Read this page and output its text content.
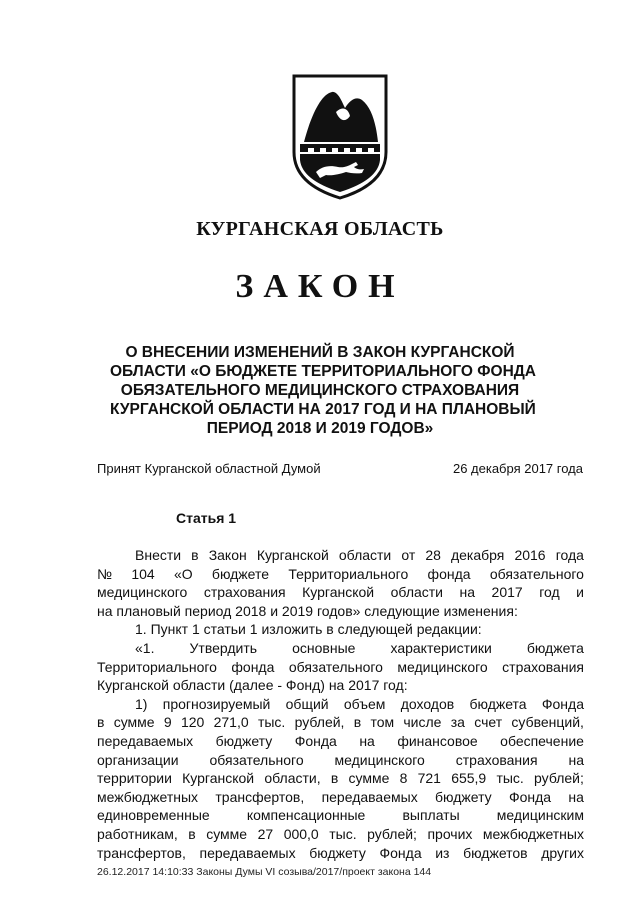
КУРГАНСКАЯ ОБЛАСТЬ
ЗАКОН
О ВНЕСЕНИИ ИЗМЕНЕНИЙ В ЗАКОН КУРГАНСКОЙ
ОБЛАСТИ «О БЮДЖЕТЕ ТЕРРИТОРИАЛЬНОГО ФОНДА
ОБЯЗАТЕЛЬНОГО МЕДИЦИНСКОГО СТРАХОВАНИЯ
КУРГАНСКОЙ ОБЛАСТИ НА 2017 ГОД И НА ПЛАНОВЫЙ
ПЕРИОД 2018 И 2019 ГОДОВ»
Принят Курганской областной Думой	26 декабря 2017 года
Статья 1
Внести в Закон Курганской области от 28 декабря 2016 года
№ 104 «О бюджете Территориального фонда обязательного
медицинского страхования Курганской области на 2017 год и
на плановый период 2018 и 2019 годов» следующие изменения:
1. Пункт 1 статьи 1 изложить в следующей редакции:
«1.	Утвердить	основные	характеристики	бюджета
Территориального фонда обязательного медицинского страхования
Курганской области (далее - Фонд) на 2017 год:
1) прогнозируемый общий объем доходов бюджета Фонда
в сумме 9 120 271,0 тыс. рублей, в том числе за счет субвенций,
передаваемых бюджету Фонда на финансовое обеспечение
организации обязательного медицинского страхования на
территории Курганской области, в сумме 8 721 655,9 тыс. рублей;
межбюджетных трансфертов, передаваемых бюджету Фонда на
единовременные	компенсационные	выплаты	медицинским
работникам, в сумме 27 000,0 тыс. рублей; прочих межбюджетных
трансфертов, передаваемых бюджету Фонда из бюджетов других
26.12.2017 14:10:33 Законы Думы VI созыва/2017/проект закона 144
